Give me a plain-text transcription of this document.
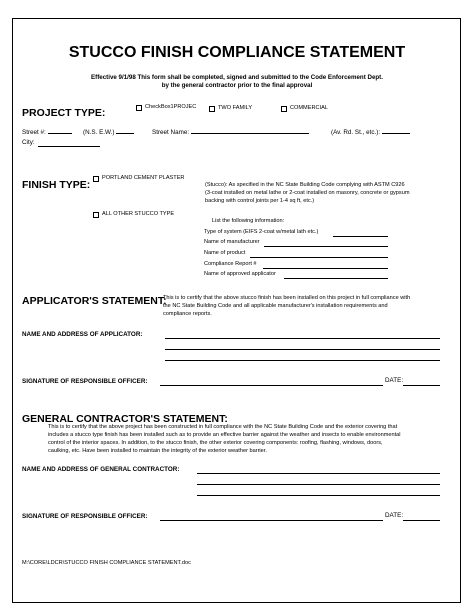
STUCCO FINISH COMPLIANCE STATEMENT
Effective 9/1/98 This form shall be completed, signed and submitted to the Code Enforcement Dept.
by the general contractor prior to the final approval
PROJECT TYPE:	CheckBox1PROJEC	TWO FAMILY	COMMERCIAL
Street #:	(N.S. E.W.)	Street Name:	(Av. Rd. St., etc.):
City:
FINISH TYPE:
PORTLAND CEMENT PLASTER
ALL OTHER STUCCO TYPE
(Stucco): As specified in the NC State Building Code complying with ASTM C926
(3-coat installed on metal lathe or 2-coat installed on masonry, concrete or gypsum
backing with control joints per 1-4 sq ft, etc.)
List the following information:
Type of system (EIFS 2-coat w/metal lath etc.)
Name of manufacturer
Name of product
Compliance Report #
Name of approved applicator
APPLICATOR'S STATEMENT:
This is to certify that the above stucco finish has been installed on this project in full compliance with
the NC State Building Code and all applicable manufacturer's installation requirements and
compliance reports.
NAME AND ADDRESS OF APPLICATOR:
SIGNATURE OF RESPONSIBLE OFFICER:	DATE:
GENERAL CONTRACTOR'S STATEMENT:
This is to certify that the above project has been constructed in full compliance with the NC State Building Code and the exterior covering that
includes a stucco type finish has been installed such as to provide an effective barrier against the weather and insects to enable environmental
control of the interior spaces. In addition, to the stucco finish, the other exterior covering components: roofing, flashing, windows, doors,
caulking, etc. Have been installed to maintain the integrity of the exterior weather barrier.
NAME AND ADDRESS OF GENERAL CONTRACTOR:
SIGNATURE OF RESPONSIBLE OFFICER:	DATE:
M:\CORE\LDCR\STUCCO FINISH COMPLIANCE STATEMENT.doc
